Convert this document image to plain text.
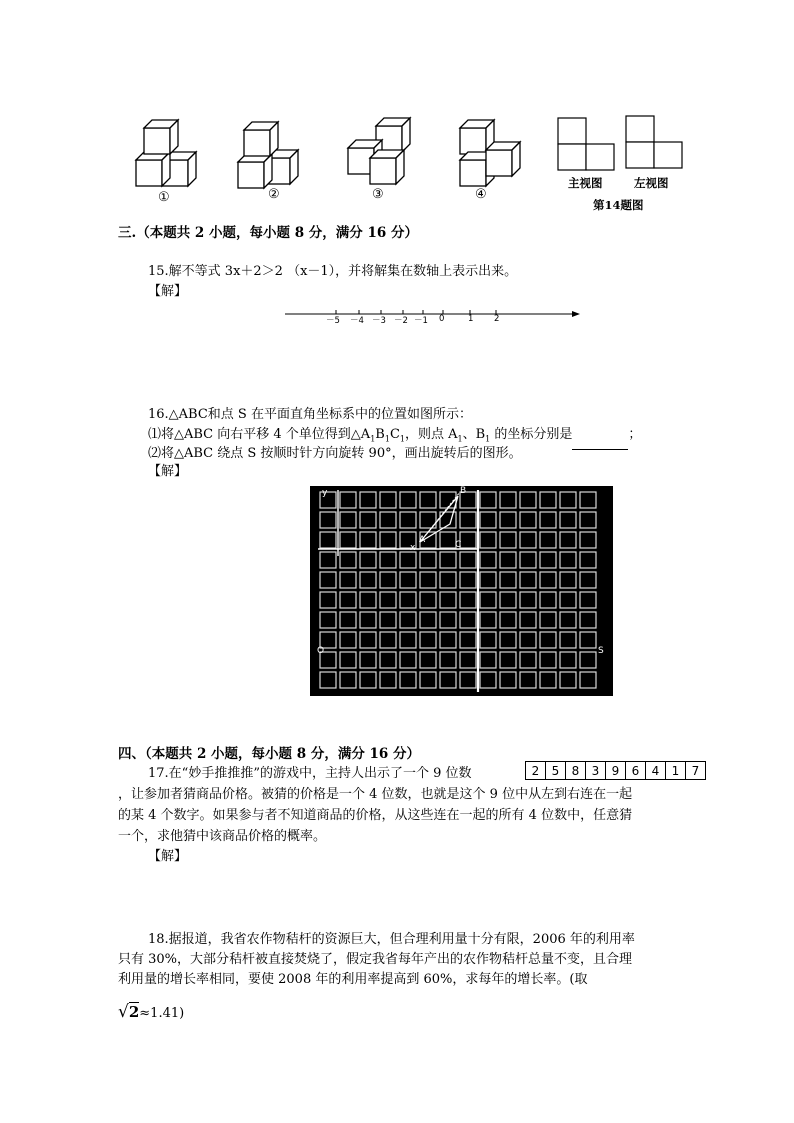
①	②	③	④
主视图	左视图
第14题图
三.（本题共 2 小题，每小题 8 分，满分 16 分）
15.解不等式 3x＋2＞2 （x－1），并将解集在数轴上表示出来。
【解】
－5 －4 －3 －2 －1 0	1 2
16.△ABC和点 S 在平面直角坐标系中的位置如图所示：
⑴将△ABC 向右平移 4 个单位得到$\triangle A_1B_1C_1$，则点 $A_1$、$B_1$ 的坐标分别是	；
⑵将△ABC 绕点 S 按顺时针方向旋转 90°，画出旋转后的图形。
【解】
y	B
A	C
x
S
O
四、（本题共 2 小题，每小题 8 分，满分 16 分）
17.在“妙手推推推”的游戏中，主持人出示了一个 9 位数	2	5	8	3	9	6	4	1	7
，让参加者猜商品价格。被猜的价格是一个 4 位数，也就是这个 9 位中从左到右连在一起
的某 4 个数字。如果参与者不知道商品的价格，从这些连在一起的所有 4 位数中，任意猜
一个，求他猜中该商品价格的概率。
【解】
18.据报道，我省农作物秸杆的资源巨大，但合理利用量十分有限，2006 年的利用率
只有 30%，大部分秸杆被直接焚烧了，假定我省每年产出的农作物秸杆总量不变，且合理
利用量的增长率相同，要使 2008 年的利用率提高到 60%，求每年的增长率。(取
√2≈1.41)
